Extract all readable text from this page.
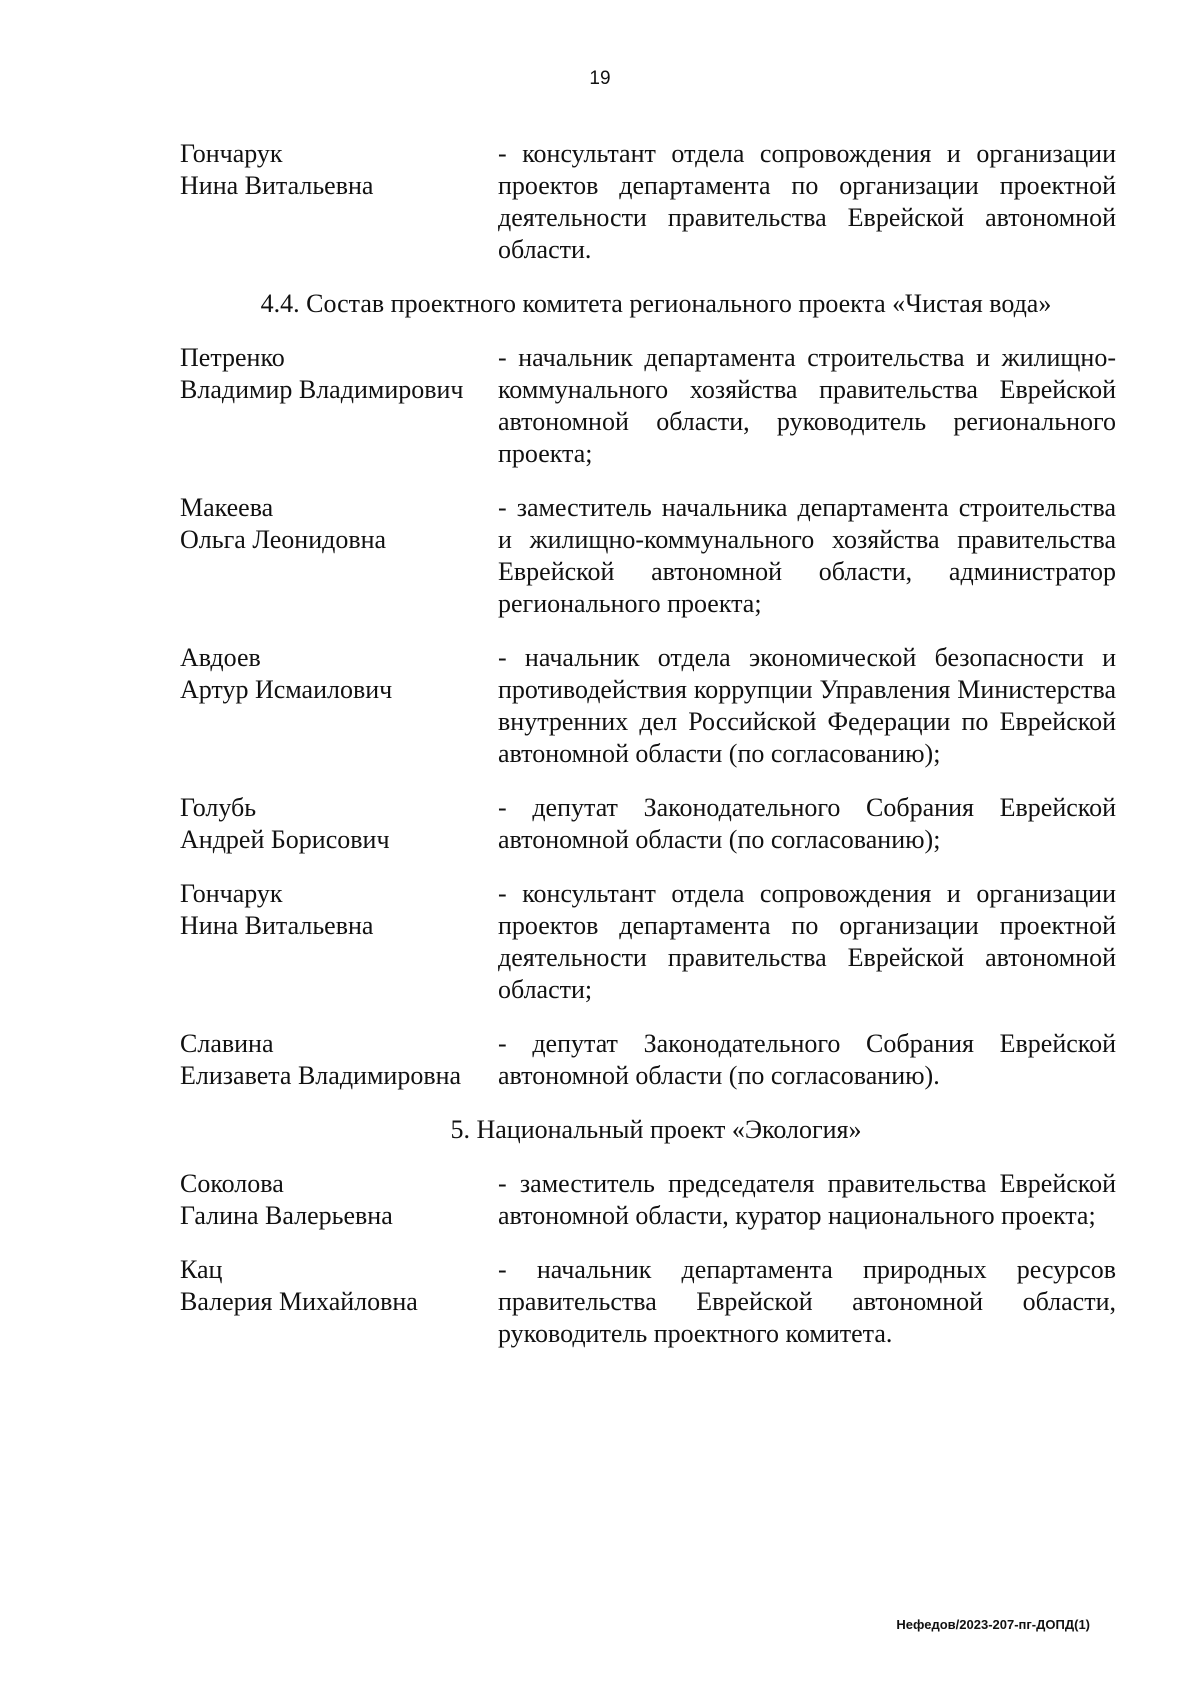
19
Гончарук
Нина Витальевна
- консультант отдела сопровождения и организации проектов департамента по организации проектной деятельности правительства Еврейской автономной области.
4.4. Состав проектного комитета регионального проекта «Чистая вода»
Петренко
Владимир Владимирович
- начальник департамента строительства и жилищно-коммунального хозяйства правительства Еврейской автономной области, руководитель регионального проекта;
Макеева
Ольга Леонидовна
- заместитель начальника департамента строительства и жилищно-коммунального хозяйства правительства Еврейской автономной области, администратор регионального проекта;
Авдоев
Артур Исмаилович
- начальник отдела экономической безопасности и противодействия коррупции Управления Министерства внутренних дел Российской Федерации по Еврейской автономной области (по согласованию);
Голубь
Андрей Борисович
- депутат Законодательного Собрания Еврейской автономной области (по согласованию);
Гончарук
Нина Витальевна
- консультант отдела сопровождения и организации проектов департамента по организации проектной деятельности правительства Еврейской автономной области;
Славина
Елизавета Владимировна
- депутат Законодательного Собрания Еврейской автономной области (по согласованию).
5. Национальный проект «Экология»
Соколова
Галина Валерьевна
- заместитель председателя правительства Еврейской автономной области, куратор национального проекта;
Кац
Валерия Михайловна
- начальник департамента природных ресурсов правительства Еврейской автономной области, руководитель проектного комитета.
Нефедов/2023-207-пг-ДОПД(1)
